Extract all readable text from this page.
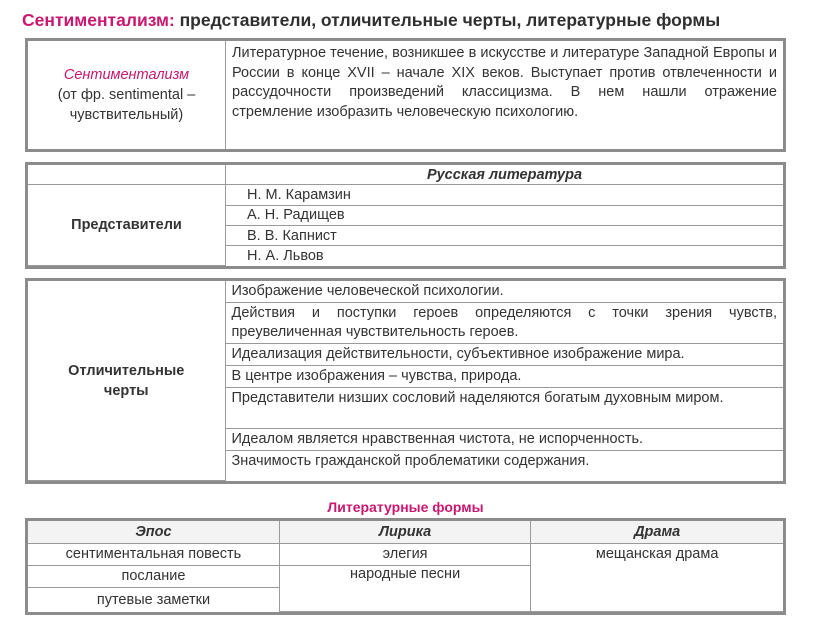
Сентиментализм: представители, отличительные черты, литературные формы
Сентиментализм
(от фр. sentimental –
чувствительный)	Литературное течение, возникшее в искусстве и литературе Западной Европы и России в конце XVII – начале XIX веков. Выступает против отвлеченности и рассудочности произведений классицизма. В нем нашли отражение стремление изобразить человеческую психологию.
	Русская литература
Представители	Н. М. Карамзин
	А. Н. Радищев
	В. В. Капнист
	Н. А. Львов
Отличительные
черты	Изображение человеческой психологии.
Действия и поступки героев определяются с точки зрения чувств, преувеличенная чувствительность героев.
Идеализация действительности, субъективное изображение мира.
В центре изображения – чувства, природа.
Представители низших сословий наделяются богатым духовным миром.
Идеалом является нравственная чистота, не испорченность.
Значимость гражданской проблематики содержания.
Литературные формы
Эпос	Лирика	Драма
сентиментальная повесть	элегия	мещанская драма
послание	народные песни	
путевые заметки		
